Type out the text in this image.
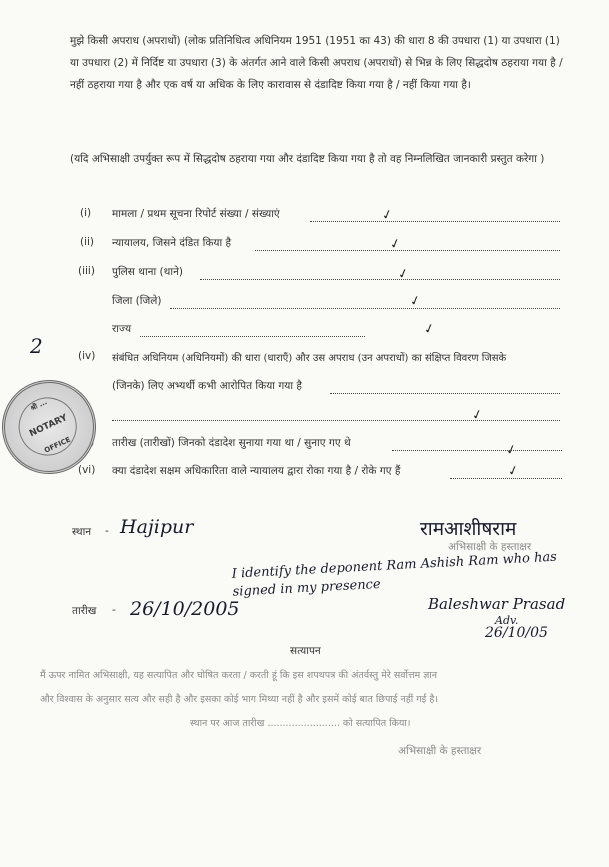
मुझे किसी अपराध (अपराधों) (लोक प्रतिनिधित्व अधिनियम 1951 (1951 का 43) की धारा 8 की उपधारा (1) या उपधारा (1) या उपधारा (2) में निर्दिष्ट या उपधारा (3) के अंतर्गत आने वाले किसी अपराध (अपराधों) से भिन्न के लिए सिद्धदोष ठहराया गया है / नहीं ठहराया गया है और एक वर्ष या अधिक के लिए कारावास से दंडादिष्ट किया गया है / नहीं किया गया है।
(यदि अभिसाक्षी उपर्युक्त रूप में सिद्धदोष ठहराया गया और दंडादिष्ट किया गया है तो वह निम्नलिखित जानकारी प्रस्तुत करेगा )
(i) मामला / प्रथम सूचना रिपोर्ट संख्या / संख्याएं	✓
(ii) न्यायालय, जिसने दंडित किया है	✓
(iii) पुलिस थाना (थाने)	✓
जिला (जिले)	✓
राज्य	✓
2	(iv) संबंधित अधिनियम (अधिनियमों) की धारा (धाराएँ) और उस अपराध (उन अपराधों) का संक्षिप्त विवरण जिसके
(जिनके) लिए अभ्यर्थी कभी आरोपित किया गया है
✓
तारीख (तारीखों) जिनको दंडादेश सुनाया गया था / सुनाए गए थे	✓
(vi) क्या दंडादेश सक्षम अधिकारिता वाले न्यायालय द्वारा रोका गया है / रोके गए हैं	✓
श्री ...
NOTARY
OFFICE
स्थान - Hajipur	रामआशीषराम
अभिसाक्षी के हस्ताक्षर
I identify the deponent Ram Ashish Ram who has signed in my presence
तारीख - 26/10/2005	Baleshwar Prasad
Adv.
26/10/05
सत्यापन
मैं ऊपर नामित अभिसाक्षी, यह सत्यापित और घोषित करता / करती हूं कि इस शपथपत्र की अंतर्वस्तु मेरे सर्वोत्तम ज्ञान
और विश्वास के अनुसार सत्य और सही है और इसका कोई भाग मिथ्या नहीं है और इसमें कोई बात छिपाई नहीं गई है।
स्थान पर आज तारीख ........................ को सत्यापित किया।
अभिसाक्षी के हस्ताक्षर
